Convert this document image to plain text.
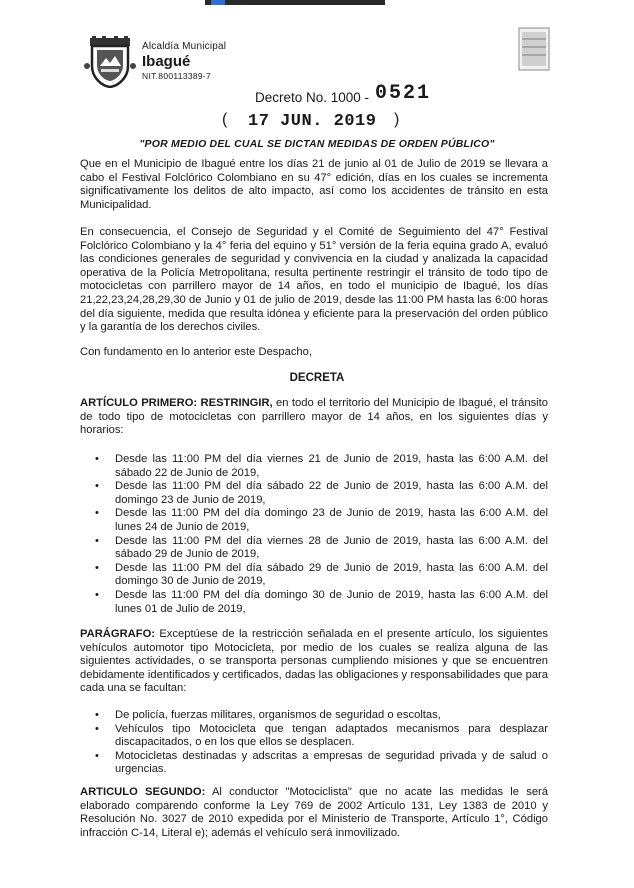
Alcaldía Municipal
Ibagué
NIT.800113389-7
Decreto No. 1000 - 0521
( 17 JUN. 2019 )
"POR MEDIO DEL CUAL SE DICTAN MEDIDAS DE ORDEN PÚBLICO"

Que en el Municipio de Ibagué entre los días 21 de junio al 01 de Julio de 2019 se llevara a cabo el Festival Folclórico Colombiano en su 47° edición, días en los cuales se incrementa significativamente los delitos de alto impacto, así como los accidentes de tránsito en esta Municipalidad.

En consecuencia, el Consejo de Seguridad y el Comité de Seguimiento del 47° Festival Folclórico Colombiano y la 4° feria del equino y 51° versión de la feria equina grado A, evaluó las condiciones generales de seguridad y convivencia en la ciudad y analizada la capacidad operativa de la Policía Metropolitana, resulta pertinente restringir el tránsito de todo tipo de motocicletas con parrillero mayor de 14 años, en todo el municipio de Ibagué, los días 21,22,23,24,28,29,30 de Junio y 01 de julio de 2019, desde las 11:00 PM hasta las 6:00 horas del día siguiente, medida que resulta idónea y eficiente para la preservación del orden público y la garantía de los derechos civiles.

Con fundamento en lo anterior este Despacho,

DECRETA

ARTÍCULO PRIMERO: RESTRINGIR, en todo el territorio del Municipio de Ibagué, el tránsito de todo tipo de motocicletas con parrillero mayor de 14 años, en los siguientes días y horarios:

• Desde las 11:00 PM del día viernes 21 de Junio de 2019, hasta las 6:00 A.M. del sábado 22 de Junio de 2019,
• Desde las 11:00 PM del día sábado 22 de Junio de 2019, hasta las 6:00 A.M. del domingo 23 de Junio de 2019,
• Desde las 11:00 PM del día domingo 23 de Junio de 2019, hasta las 6:00 A.M. del lunes 24 de Junio de 2019,
• Desde las 11:00 PM del día viernes 28 de Junio de 2019, hasta las 6:00 A.M. del sábado 29 de Junio de 2019,
• Desde las 11:00 PM del día sábado 29 de Junio de 2019, hasta las 6:00 A.M. del domingo 30 de Junio de 2019,
• Desde las 11:00 PM del día domingo 30 de Junio de 2019, hasta las 6:00 A.M. del lunes 01 de Julio de 2019,

PARÁGRAFO: Exceptúese de la restricción señalada en el presente artículo, los siguientes vehículos automotor tipo Motocicleta, por medio de los cuales se realiza alguna de las siguientes actividades, o se transporta personas cumpliendo misiones y que se encuentren debidamente identificados y certificados, dadas las obligaciones y responsabilidades que para cada una se facultan:

• De policía, fuerzas militares, organismos de seguridad o escoltas,
• Vehículos tipo Motocicleta que tengan adaptados mecanismos para desplazar discapacitados, o en los que ellos se desplacen.
• Motocicletas destinadas y adscritas a empresas de seguridad privada y de salud o urgencias.

ARTICULO SEGUNDO: Al conductor "Motociclista" que no acate las medidas le será elaborado comparendo conforme la Ley 769 de 2002 Artículo 131, Ley 1383 de 2010 y Resolución No. 3027 de 2010 expedida por el Ministerio de Transporte, Artículo 1°, Código infracción C-14, Literal e); además el vehículo será inmovilizado.
